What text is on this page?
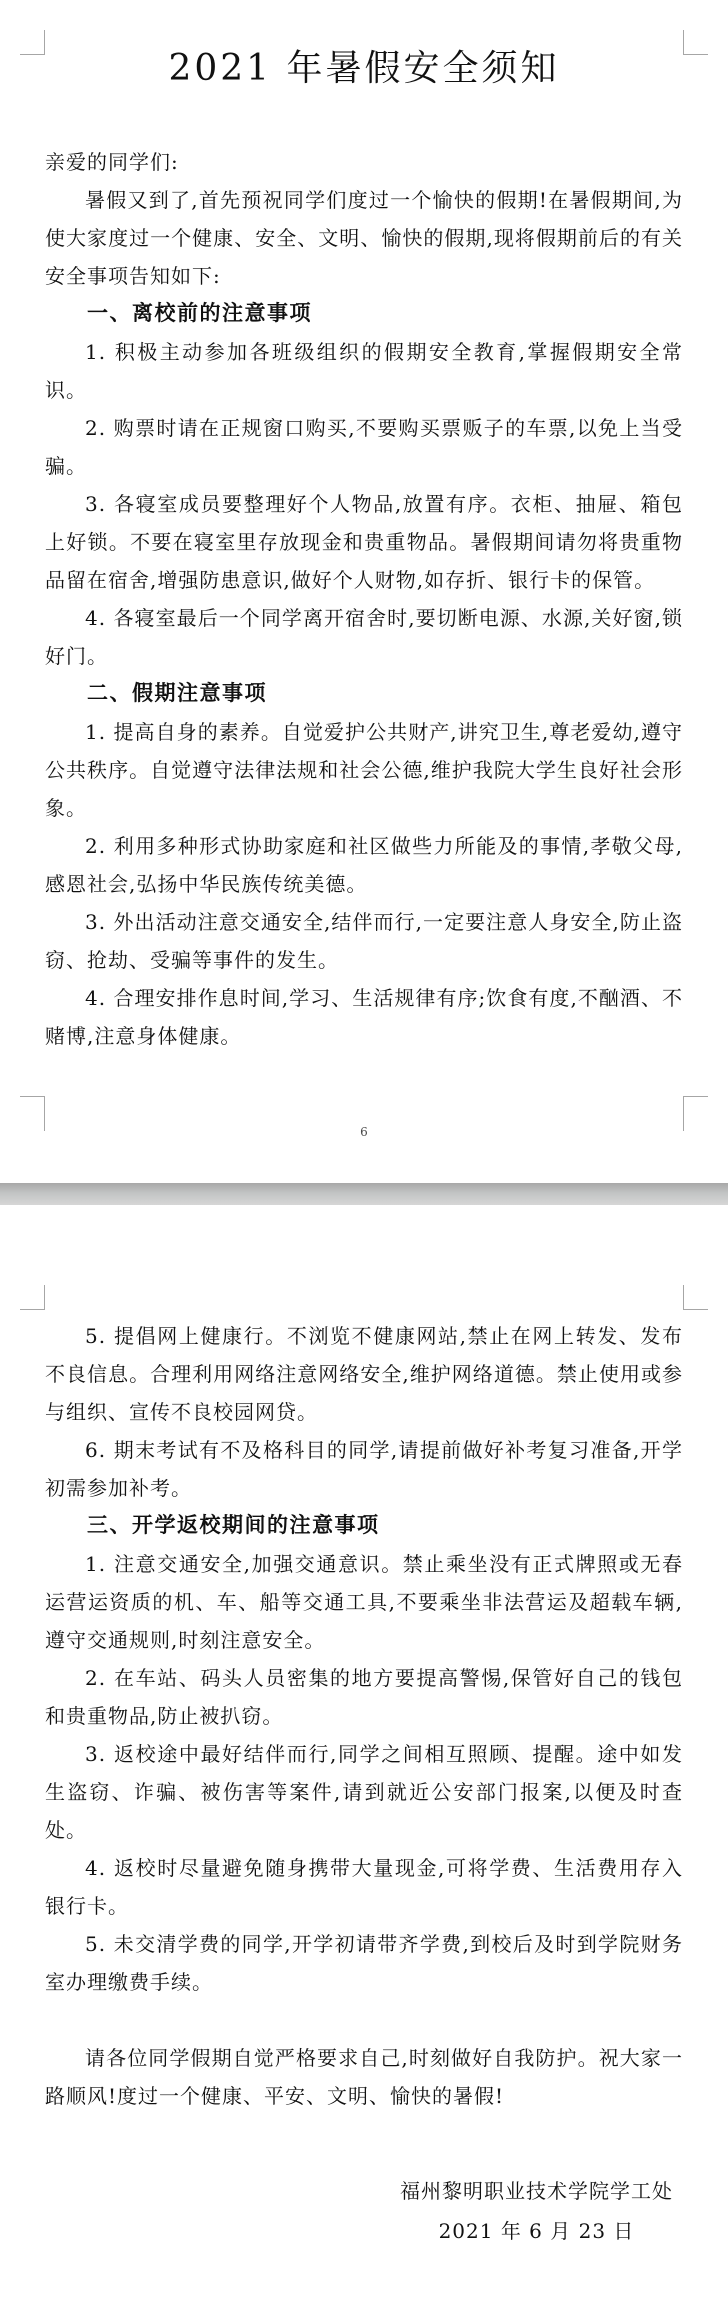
2021 年暑假安全须知

亲爱的同学们:

暑假又到了,首先预祝同学们度过一个愉快的假期!在暑假期间,为使大家度过一个健康、安全、文明、愉快的假期,现将假期前后的有关安全事项告知如下:

一、离校前的注意事项

1. 积极主动参加各班级组织的假期安全教育,掌握假期安全常识。

2. 购票时请在正规窗口购买,不要购买票贩子的车票,以免上当受骗。

3. 各寝室成员要整理好个人物品,放置有序。衣柜、抽屉、箱包上好锁。不要在寝室里存放现金和贵重物品。暑假期间请勿将贵重物品留在宿舍,增强防患意识,做好个人财物,如存折、银行卡的保管。

4. 各寝室最后一个同学离开宿舍时,要切断电源、水源,关好窗,锁好门。

二、假期注意事项

1. 提高自身的素养。自觉爱护公共财产,讲究卫生,尊老爱幼,遵守公共秩序。自觉遵守法律法规和社会公德,维护我院大学生良好社会形象。

2. 利用多种形式协助家庭和社区做些力所能及的事情,孝敬父母,感恩社会,弘扬中华民族传统美德。

3. 外出活动注意交通安全,结伴而行,一定要注意人身安全,防止盗窃、抢劫、受骗等事件的发生。

4. 合理安排作息时间,学习、生活规律有序;饮食有度,不酗酒、不赌博,注意身体健康。

6

5. 提倡网上健康行。不浏览不健康网站,禁止在网上转发、发布不良信息。合理利用网络注意网络安全,维护网络道德。禁止使用或参与组织、宣传不良校园网贷。

6. 期末考试有不及格科目的同学,请提前做好补考复习准备,开学初需参加补考。

三、开学返校期间的注意事项

1. 注意交通安全,加强交通意识。禁止乘坐没有正式牌照或无春运营运资质的机、车、船等交通工具,不要乘坐非法营运及超载车辆,遵守交通规则,时刻注意安全。

2. 在车站、码头人员密集的地方要提高警惕,保管好自己的钱包和贵重物品,防止被扒窃。

3. 返校途中最好结伴而行,同学之间相互照顾、提醒。途中如发生盗窃、诈骗、被伤害等案件,请到就近公安部门报案,以便及时查处。

4. 返校时尽量避免随身携带大量现金,可将学费、生活费用存入银行卡。

5. 未交清学费的同学,开学初请带齐学费,到校后及时到学院财务室办理缴费手续。

请各位同学假期自觉严格要求自己,时刻做好自我防护。祝大家一路顺风!度过一个健康、平安、文明、愉快的暑假!

福州黎明职业技术学院学工处
2021 年 6 月 23 日
